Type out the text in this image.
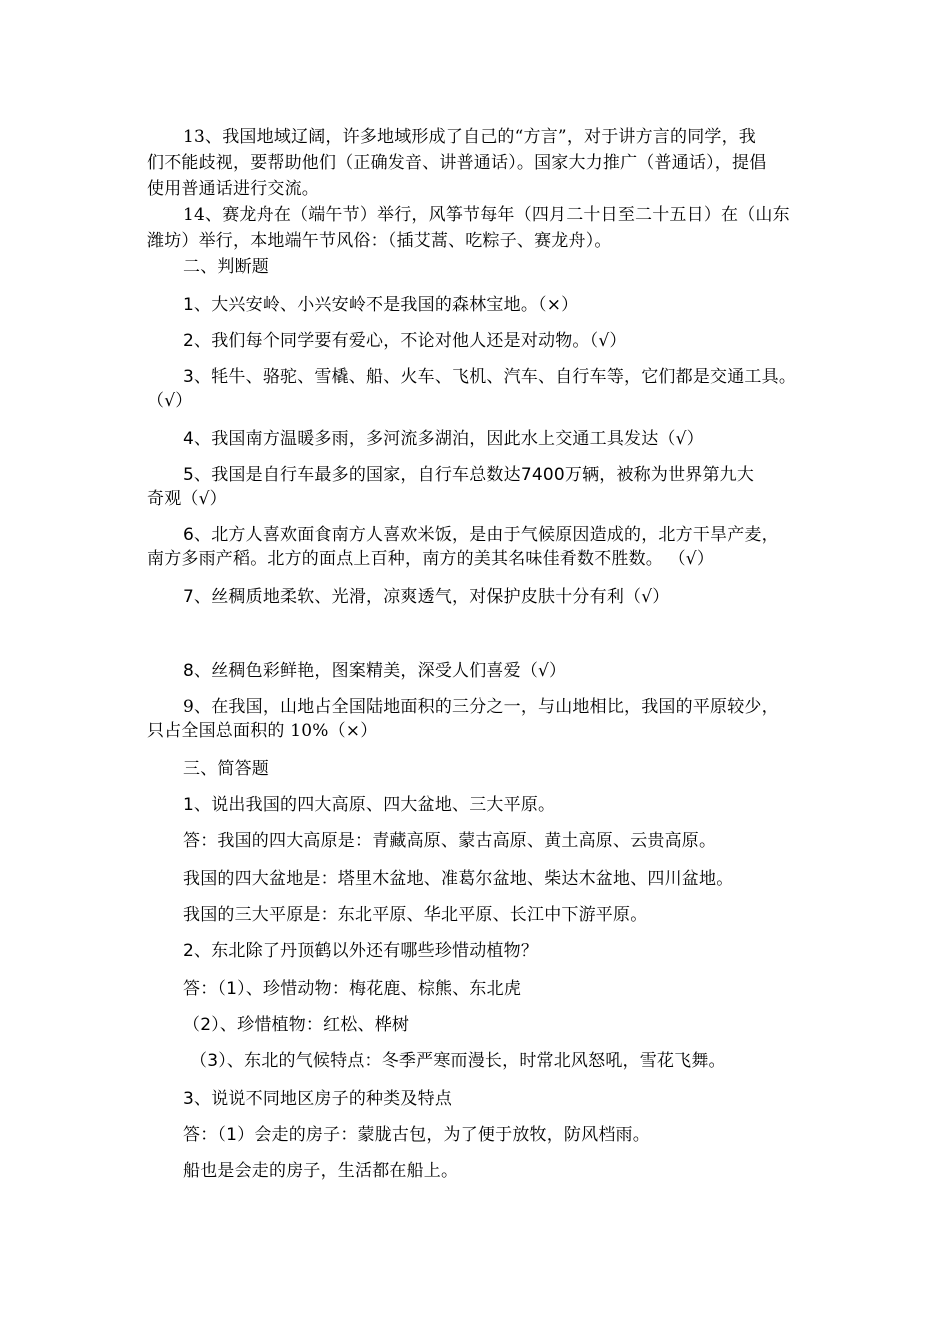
13、我国地域辽阔，许多地域形成了自己的“方言”，对于讲方言的同学，我
们不能歧视，要帮助他们（正确发音、讲普通话）。国家大力推广（普通话），提倡
使用普通话进行交流。
14、赛龙舟在（端午节）举行，风筝节每年（四月二十日至二十五日）在（山东
潍坊）举行，本地端午节风俗：（插艾蒿、吃粽子、赛龙舟）。
二、判断题
1、大兴安岭、小兴安岭不是我国的森林宝地。（×）
2、我们每个同学要有爱心，不论对他人还是对动物。（√）
3、牦牛、骆驼、雪橇、船、火车、飞机、汽车、自行车等，它们都是交通工具。
（√）
4、我国南方温暖多雨，多河流多湖泊，因此水上交通工具发达（√）
5、我国是自行车最多的国家，自行车总数达7400万辆，被称为世界第九大
奇观（√）
6、北方人喜欢面食南方人喜欢米饭，是由于气候原因造成的，北方干旱产麦，
南方多雨产稻。北方的面点上百种，南方的美其名味佳肴数不胜数。 （√）
7、丝稠质地柔软、光滑，凉爽透气，对保护皮肤十分有利（√）
8、丝稠色彩鲜艳，图案精美，深受人们喜爱（√）
9、在我国，山地占全国陆地面积的三分之一，与山地相比，我国的平原较少，
只占全国总面积的 10%（×）
三、简答题
1、说出我国的四大高原、四大盆地、三大平原。
答：我国的四大高原是：青藏高原、蒙古高原、黄土高原、云贵高原。
我国的四大盆地是：塔里木盆地、准葛尔盆地、柴达木盆地、四川盆地。
我国的三大平原是：东北平原、华北平原、长江中下游平原。
2、东北除了丹顶鹤以外还有哪些珍惜动植物？
答：（1）、珍惜动物：梅花鹿、棕熊、东北虎
（2）、珍惜植物：红松、桦树
（3）、东北的气候特点：冬季严寒而漫长，时常北风怒吼，雪花飞舞。
3、说说不同地区房子的种类及特点
答：（1）会走的房子：蒙胧古包，为了便于放牧，防风档雨。
船也是会走的房子，生活都在船上。
